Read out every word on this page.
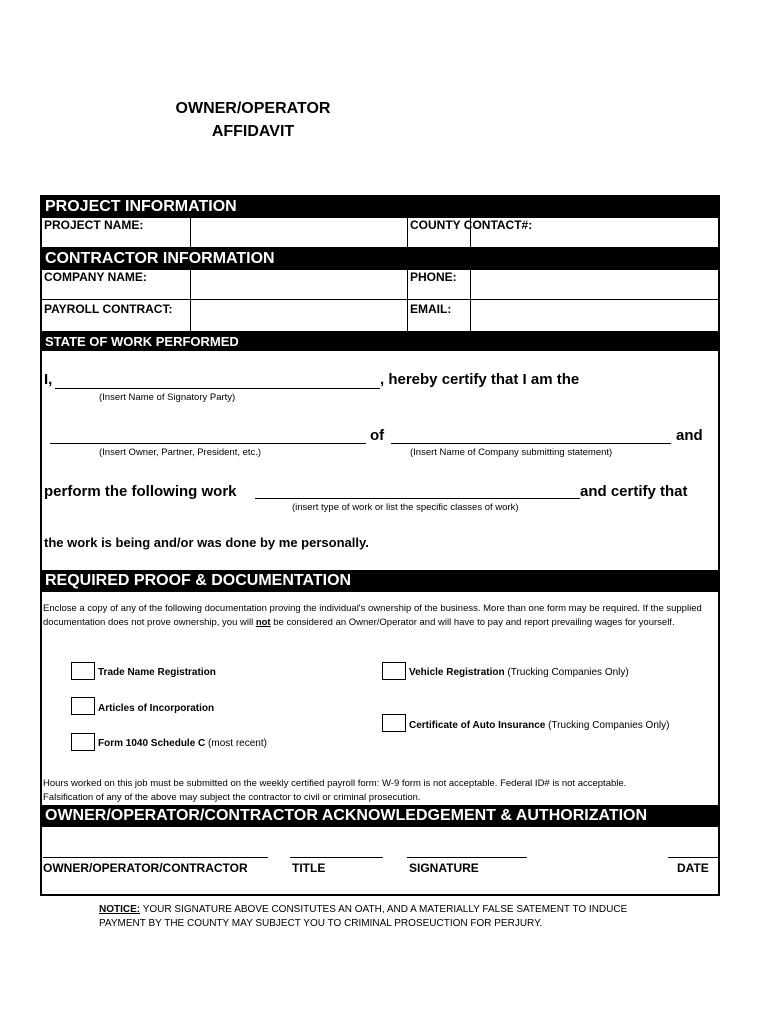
OWNER/OPERATOR
AFFIDAVIT
PROJECT INFORMATION
PROJECT NAME:	COUNTY CONTACT#:
CONTRACTOR INFORMATION
COMPANY NAME:	PHONE:
PAYROLL CONTRACT:	EMAIL:
STATE OF WORK PERFORMED
I,	, hereby certify that I am the
(Insert Name of Signatory Party)
of	and
(Insert Owner, Partner, President, etc.)	(Insert Name of Company submitting statement)
perform the following work	and certify that
(insert type of work or list the specific classes of work)
the work is being and/or was done by me personally.
REQUIRED PROOF & DOCUMENTATION
Enclose a copy of any of the following documentation proving the individual's ownership of the business. More than one form may be required. If the supplied documentation does not prove ownership, you will not be considered an Owner/Operator and will have to pay and report prevailing wages for yourself.
Trade Name Registration
Articles of Incorporation
Form 1040 Schedule C (most recent)
Vehicle Registration (Trucking Companies Only)
Certificate of Auto Insurance (Trucking Companies Only)
Hours worked on this job must be submitted on the weekly certified payroll form: W-9 form is not acceptable. Federal ID# is not acceptable.
Falsification of any of the above may subject the contractor to civil or criminal prosecution.
OWNER/OPERATOR/CONTRACTOR ACKNOWLEDGEMENT & AUTHORIZATION
OWNER/OPERATOR/CONTRACTOR	TITLE	SIGNATURE	DATE
NOTICE: YOUR SIGNATURE ABOVE CONSITUTES AN OATH, AND A MATERIALLY FALSE SATEMENT TO INDUCE
PAYMENT BY THE COUNTY MAY SUBJECT YOU TO CRIMINAL PROSEUCTION FOR PERJURY.
